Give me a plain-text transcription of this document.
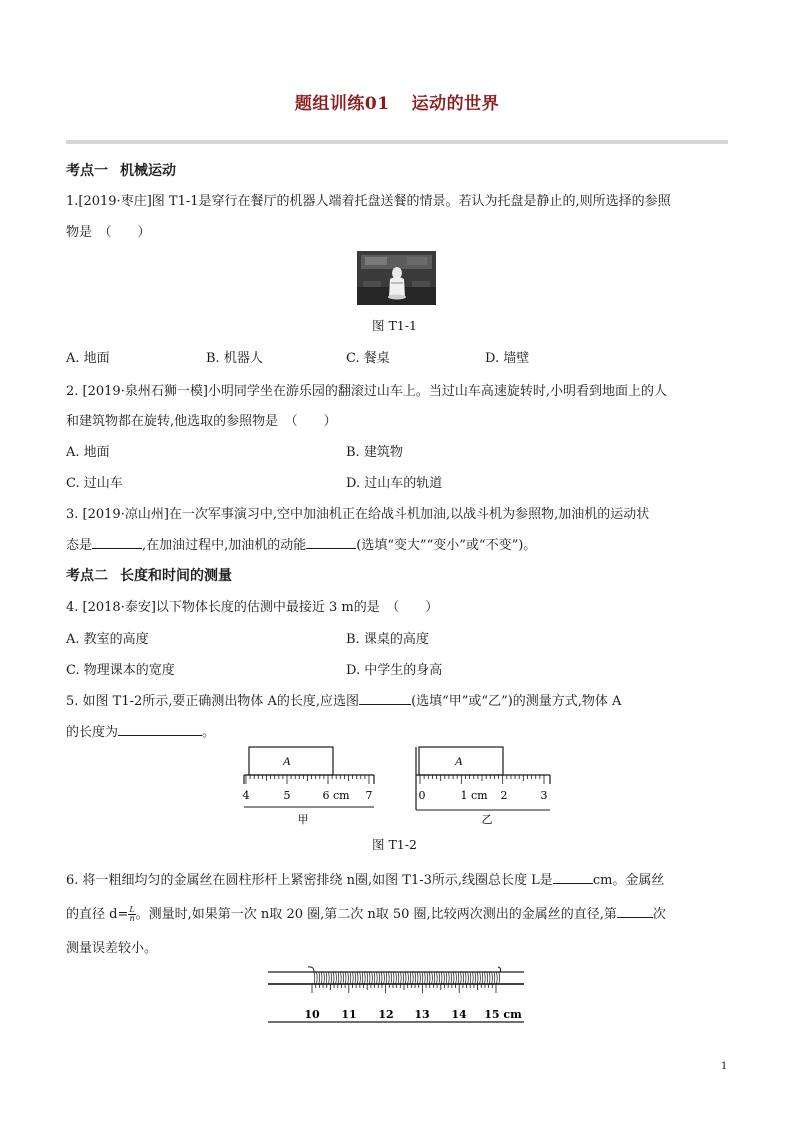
题组训练01 运动的世界
考点一 机械运动
1.[2019·枣庄]图 T1-1是穿行在餐厅的机器人端着托盘送餐的情景。若认为托盘是静止的,则所选择的参照
物是　（　　）
图 T1-1
A. 地面	B. 机器人	C. 餐桌	D. 墙壁
2. [2019·泉州石狮一模]小明同学坐在游乐园的翻滚过山车上。当过山车高速旋转时,小明看到地面上的人
和建筑物都在旋转,他选取的参照物是　（　　）
A. 地面	B. 建筑物
C. 过山车	D. 过山车的轨道
3. [2019·凉山州]在一次军事演习中,空中加油机正在给战斗机加油,以战斗机为参照物,加油机的运动状
态是	,在加油过程中,加油机的动能	(选填“变大”“变小”或“不变”)。
考点二 长度和时间的测量
4. [2018·泰安]以下物体长度的估测中最接近 3 m的是　（　　）
A. 教室的高度	B. 课桌的高度
C. 物理课本的宽度	D. 中学生的身高
5. 如图 T1-2所示,要正确测出物体 A的长度,应选图	(选填“甲”或“乙”)的测量方式,物体 A
的长度为	。
A
4	5	6 cm 7
甲
A
0	1 cm 2	3
乙
图 T1-2
6. 将一粗细均匀的金属丝在圆柱形杆上紧密排绕 n圈,如图 T1-3所示,线圈总长度 L是	cm。金属丝
的直径 $d= \frac{L}{n}$ 。测量时,如果第一次 n取 20 圈,第二次 n取 50 圈,比较两次测出的金属丝的直径,第	次
测量误差较小。
10 11 12 13 14 15 cm
1
